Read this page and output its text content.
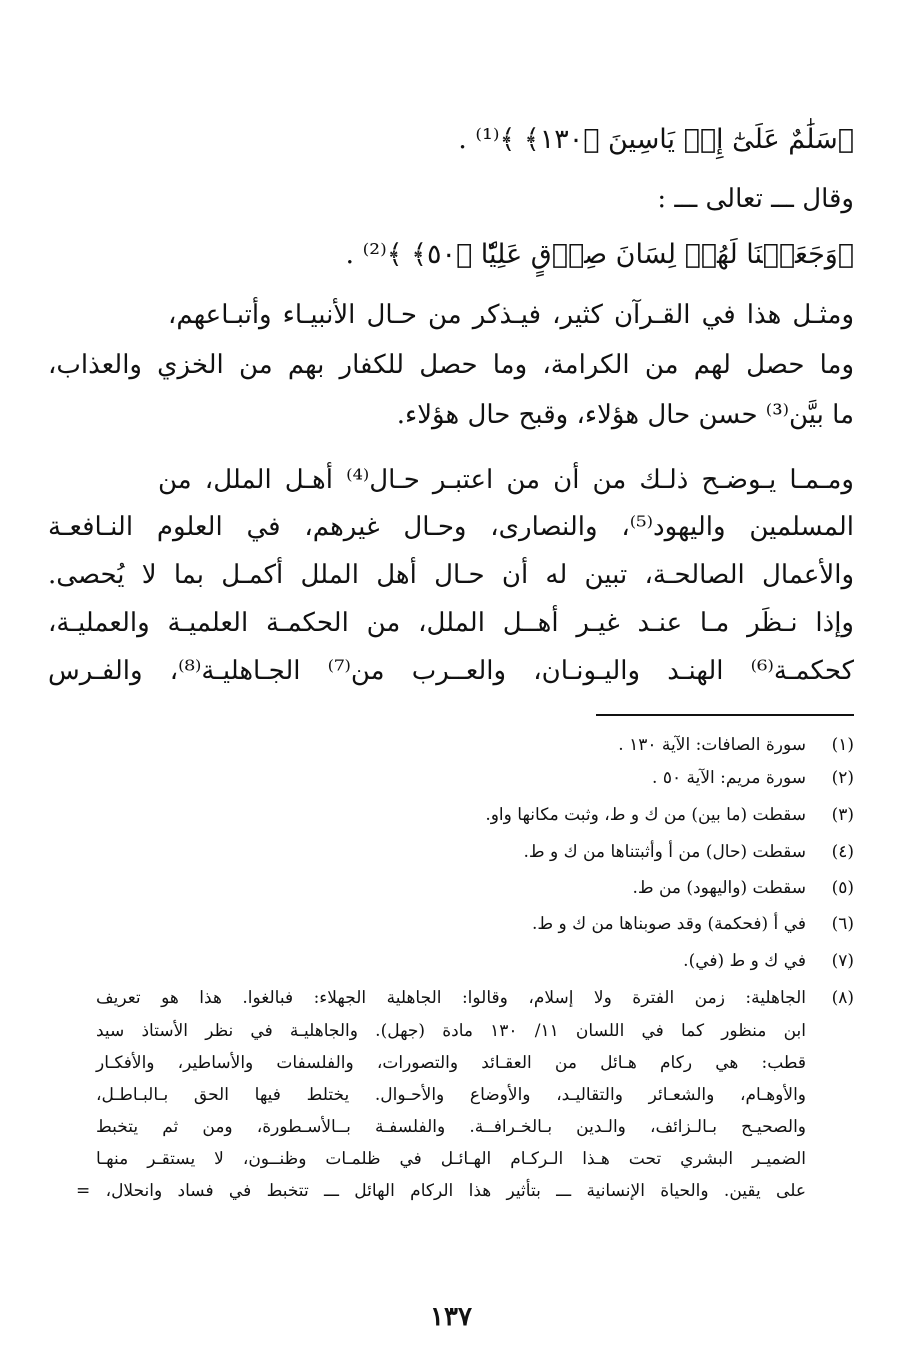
﴿سَلَٰمٌ عَلَىٰٓ إِلۡ يَاسِينَ ﴿١٣٠﴾ ﴾⁽¹⁾ .
وقال ـــ تعالى ـــ :
﴿وَجَعَلۡنَا لَهُمۡ لِسَانَ صِدۡقٍ عَلِيّٗا ﴿٥٠﴾ ﴾⁽²⁾ .
ومثـل هذا في القـرآن كثير، فيـذكر من حـال الأنبيـاء وأتبـاعهم،
وما حصل لهم من الكرامة، وما حصل للكفار بهم من الخزي والعذاب،
ما بيَّن⁽³⁾ حسن حال هؤلاء، وقبح حال هؤلاء.
ومـمـا يـوضـح ذلـك من أن من اعتبـر حـال⁽⁴⁾ أهـل الملل، من
المسلمين واليهود⁽⁵⁾، والنصارى، وحـال غيرهم، في العلوم النـافعـة
والأعمال الصالحـة، تبين له أن حـال أهل الملل أكمـل بما لا يُحصى.
وإذا نـظَر مـا عنـد غيـر أهــل الملل، من الحكمـة العلميـة والعمليـة،
كحكمـة⁽⁶⁾ الهنـد واليـونـان، والعــرب من⁽⁷⁾ الجـاهليـة⁽⁸⁾، والفـرس
(١)
سورة الصافات: الآية ١٣٠ .
(٢)
سورة مريم: الآية ٥٠ .
(٣)
سقطت (ما بين) من ك و ط، وثبت مكانها واو.
(٤)
سقطت (حال) من أ وأثبتناها من ك و ط.
(٥)
سقطت (واليهود) من ط.
(٦)
في أ (فحكمة) وقد صوبناها من ك و ط.
(٧)
في ك و ط (في).
(٨)
الجاهلية: زمن الفترة ولا إسلام، وقالوا: الجاهلية الجهلاء: فبالغوا. هذا هو تعريف
ابن منظور كما في اللسان ١١/ ١٣٠ مادة (جهل). والجاهليـة في نظر الأستاذ سيد
قطب: هي ركام هـائل من العقـائد والتصورات، والفلسفات والأساطير، والأفكـار
والأوهـام، والشعـائر والتقاليـد، والأوضاع والأحـوال. يختلط فيها الحق بـالبـاطـل،
والصحيـح بـالـزائف، والـدين بـالخـرافــة. والفلسفـة بــالأسـطورة، ومن ثم يتخبط
الضميـر البشري تحت هـذا الـركـام الهـائـل في ظلمـات وظنــون، لا يستقـر منهـا
على يقين. والحياة الإنسانية ـــ بتأثير هذا الركام الهائل ـــ تتخبط في فساد وانحلال، =
١٣٧
